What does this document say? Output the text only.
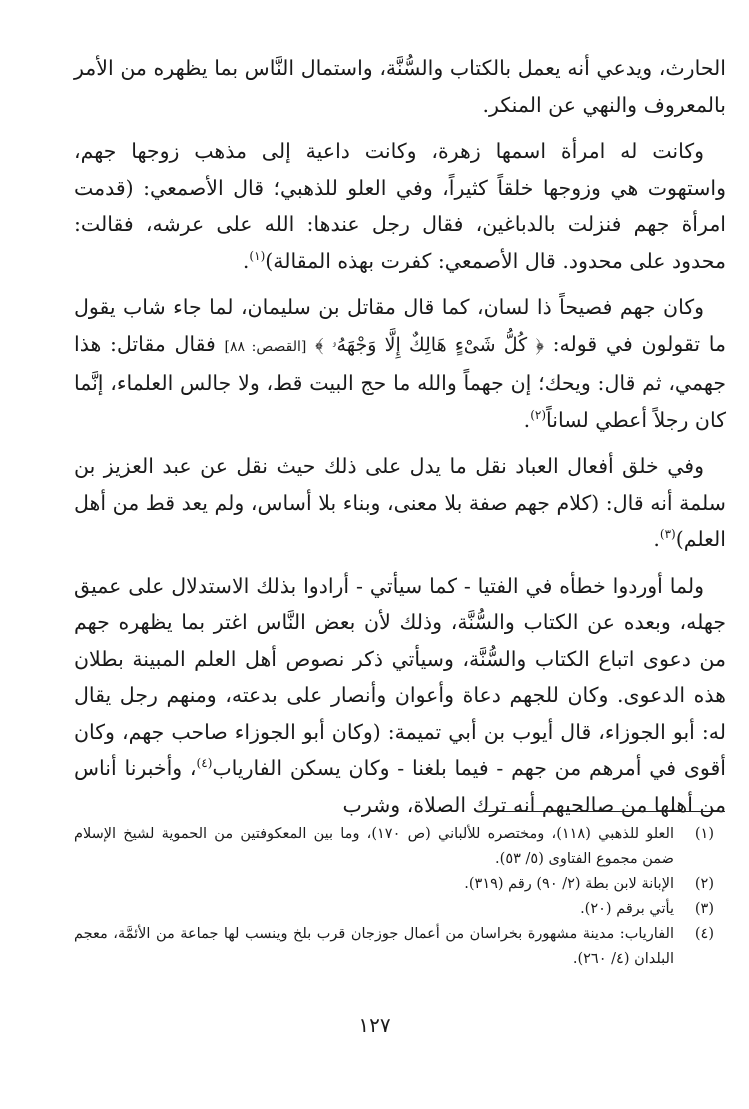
الحارث، ويدعي أنه يعمل بالكتاب والسُّنَّة، واستمال النَّاس بما يظهره من الأمر بالمعروف والنهي عن المنكر.

وكانت له امرأة اسمها زهرة، وكانت داعية إلى مذهب زوجها جهم، واستهوت هي وزوجها خلقاً كثيراً، وفي العلو للذهبي؛ قال الأصمعي: (قدمت امرأة جهم فنزلت بالدباغين، فقال رجل عندها: الله على عرشه، فقالت: محدود على محدود. قال الأصمعي: كفرت بهذه المقالة)$^{(١)}$.

وكان جهم فصيحاً ذا لسان، كما قال مقاتل بن سليمان، لما جاء شاب يقول ما تقولون في قوله: ﴿ كُلُّ شَىْءٍ هَالِكٌ إِلَّا وَجْهَهُۥ ﴾ [القصص: ٨٨] فقال مقاتل: هذا جهمي، ثم قال: ويحك؛ إن جهماً والله ما حج البيت قط، ولا جالس العلماء، إنَّما كان رجلاً أعطي لساناً$^{(٢)}$.

وفي خلق أفعال العباد نقل ما يدل على ذلك حيث نقل عن عبد العزيز بن سلمة أنه قال: (كلام جهم صفة بلا معنى، وبناء بلا أساس، ولم يعد قط من أهل العلم)$^{(٣)}$.

ولما أوردوا خطأه في الفتيا - كما سيأتي - أرادوا بذلك الاستدلال على عميق جهله، وبعده عن الكتاب والسُّنَّة، وذلك لأن بعض النَّاس اغتر بما يظهره جهم من دعوى اتباع الكتاب والسُّنَّة، وسيأتي ذكر نصوص أهل العلم المبينة بطلان هذه الدعوى. وكان للجهم دعاة وأعوان وأنصار على بدعته، ومنهم رجل يقال له: أبو الجوزاء، قال أيوب بن أبي تميمة: (وكان أبو الجوزاء صاحب جهم، وكان أقوى في أمرهم من جهم - فيما بلغنا - وكان يسكن الفارياب$^{(٤)}$، وأخبرنا أناس من أهلها من صالحيهم أنه ترك الصلاة، وشرب

(١)
العلو للذهبي (١١٨)، ومختصره للألباني (ص ١٧٠)، وما بين المعكوفتين من الحموية لشيخ الإسلام ضمن مجموع الفتاوى (٥/ ٥٣).
(٢)
الإبانة لابن بطة (٢/ ٩٠) رقم (٣١٩).
(٣)
يأتي برقم (٢٠).
(٤)
الفارياب: مدينة مشهورة بخراسان من أعمال جوزجان قرب بلخ وينسب لها جماعة من الأئمَّة، معجم البلدان (٤/ ٢٦٠).
١٢٧
